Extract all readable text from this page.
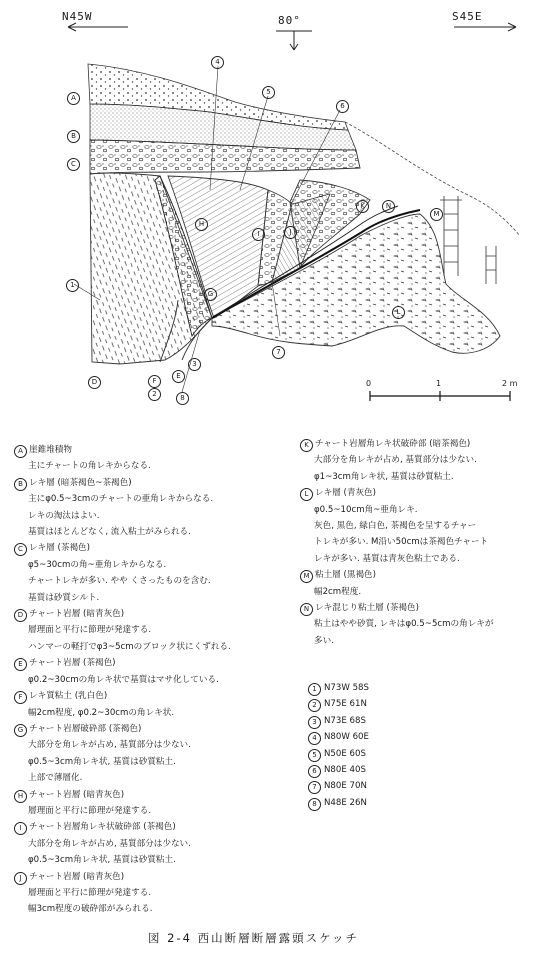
N45W	80°	S45E
A
B
C
D
E
F
G
H
I	J
K
L
M
N
1
2
3
4
5
6
7
8
0	1	2 m
A 崖錐堆積物
主にチャートの角レキからなる.
B レキ層 (暗茶褐色~茶褐色)
主にφ0.5~3cmのチャートの亜角レキからなる.
レキの淘汰はよい.
基質はほとんどなく, 流入粘土がみられる.
C レキ層 (茶褐色)
φ5~30cmの角~亜角レキからなる.
チャートレキが多い. やや くさったものを含む.
基質は砂質シルト.
D チャート岩層 (暗青灰色)
層理面と平行に節理が発達する.
ハンマーの軽打でφ3~5cmのブロック状にくずれる.
E チャート岩層 (茶褐色)
φ0.2~30cmの角レキ状で基質はマサ化している.
F レキ質粘土 (乳白色)
幅2cm程度, φ0.2~30cmの角レキ状.
G チャート岩層破砕部 (茶褐色)
大部分を角レキが占め, 基質部分は少ない.
φ0.5~3cm角レキ状, 基質は砂質粘土.
上部で薄層化.
H チャート岩層 (暗青灰色)
層理面と平行に節理が発達する.
I チャート岩層角レキ状破砕部 (茶褐色)
大部分を角レキが占め, 基質部分は少ない.
φ0.5~3cm角レキ状, 基質は砂質粘土.
J チャート岩層 (暗青灰色)
層理面と平行に節理が発達する.
幅3cm程度の破砕部がみられる.
K チャート岩層角レキ状破砕部 (暗茶褐色)
大部分を角レキが占め, 基質部分は少ない.
φ1~3cm角レキ状, 基質は砂質粘土.
L レキ層 (青灰色)
φ0.5~10cm角~亜角レキ.
灰色, 黒色, 緑白色, 茶褐色を呈するチャー
トレキが多い. M沿い50cmは茶褐色チャート
レキが多い. 基質は青灰色粘土である.
M 粘土層 (黒褐色)
幅2cm程度.
N レキ混じり粘土層 (茶褐色)
粘土はやや砂質, レキはφ0.5~5cmの角レキが
多い.
1 N73W 58S
2 N75E 61N
3 N73E 68S
4 N80W 60E
5 N50E 60S
6 N80E 40S
7 N80E 70N
8 N48E 26N
図 2-4 西山断層断層露頭スケッチ
